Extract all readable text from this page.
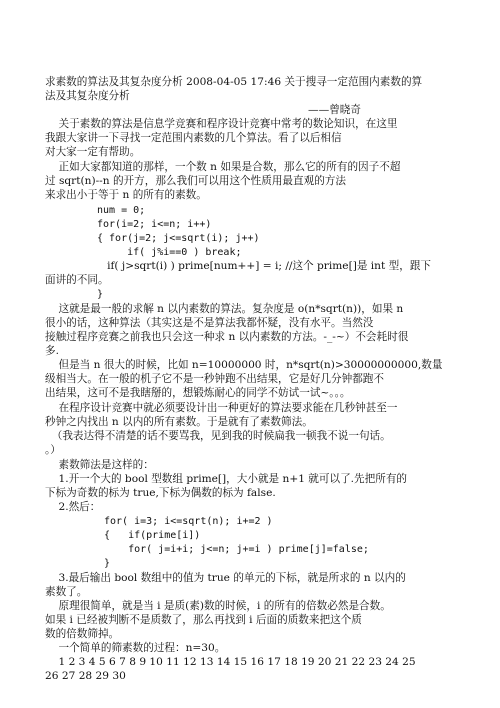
求素数的算法及其复杂度分析 2008-04-05 17:46 关于搜寻一定范围内素数的算
法及其复杂度分析
——曾晓奇
关于素数的算法是信息学竞赛和程序设计竞赛中常考的数论知识，在这里
我跟大家讲一下寻找一定范围内素数的几个算法。看了以后相信
对大家一定有帮助。
正如大家都知道的那样，一个数 n 如果是合数，那么它的所有的因子不超
过 sqrt(n)--n 的开方，那么我们可以用这个性质用最直观的方法
来求出小于等于 n 的所有的素数。
num = 0;
for(i=2; i<=n; i++)
{ for(j=2; j<=sqrt(i); j++)
if( j%i==0 ) break;
if( j>sqrt(i) ) prime[num++] = i; //这个 prime[]是 int 型，跟下
面讲的不同。
}
这就是最一般的求解 n 以内素数的算法。复杂度是 o(n*sqrt(n))，如果 n
很小的话，这种算法（其实这是不是算法我都怀疑，没有水平。当然没
接触过程序竞赛之前我也只会这一种求 n 以内素数的方法。-_-~）不会耗时很
多.
但是当 n 很大的时候，比如 n=10000000 时，n*sqrt(n)>30000000000,数量
级相当大。在一般的机子它不是一秒钟跑不出结果，它是好几分钟都跑不
出结果，这可不是我瞎掰的，想锻炼耐心的同学不妨试一试~。。。
在程序设计竞赛中就必须要设计出一种更好的算法要求能在几秒钟甚至一
秒钟之内找出 n 以内的所有素数。于是就有了素数筛法。
（我表达得不清楚的话不要骂我，见到我的时候扁我一顿我不说一句话。
。）
素数筛法是这样的：
1.开一个大的 bool 型数组 prime[]，大小就是 n+1 就可以了.先把所有的
下标为奇数的标为 true,下标为偶数的标为 false.
2.然后：
for( i=3; i<=sqrt(n); i+=2 )
{   if(prime[i])
for( j=i+i; j<=n; j+=i ) prime[j]=false;
}
3.最后输出 bool 数组中的值为 true 的单元的下标，就是所求的 n 以内的
素数了。
原理很简单，就是当 i 是质(素)数的时候，i 的所有的倍数必然是合数。
如果 i 已经被判断不是质数了，那么再找到 i 后面的质数来把这个质
数的倍数筛掉。
一个简单的筛素数的过程：n=30。
1 2 3 4 5 6 7 8 9 10 11 12 13 14 15 16 17 18 19 20 21 22 23 24 25
26 27 28 29 30
